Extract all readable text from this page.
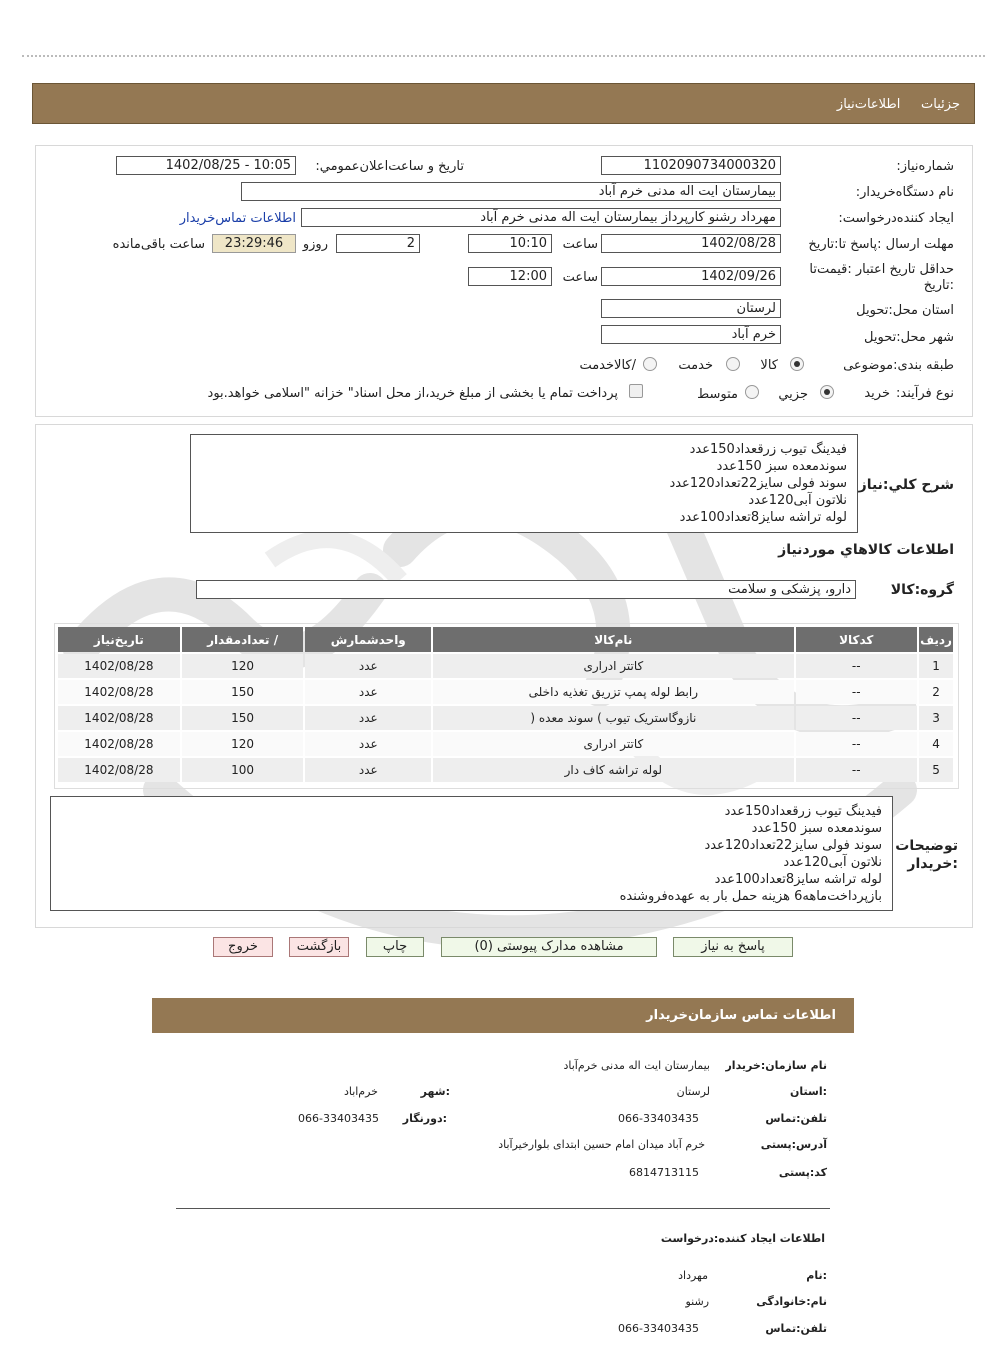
جزئیات     اطلاعات‌نیاز
شماره‌نیاز:
1102090734000320
تاریخ و ساعت‌اعلان‌عمومي:
1402/08/25 - 10:05
نام دستگاه‌خریدار:
بیمارستان ایت اله مدنی خرم آباد
ایجاد کننده‌درخواست:
مهرداد رشنو کارپرداز بیمارستان ایت اله مدنی خرم آباد
اطلاعات تماس‌خریدار
مهلت ارسال :پاسخ تا:تاریخ
1402/08/28
ساعت
10:10
2
روزو
23:29:46
ساعت باقی‌مانده
حداقل تاریخ اعتبار :قیمت‌تا
:تاریخ
1402/09/26
ساعت
12:00
استان محل:تحویل
لرستان
شهر محل:تحویل
خرم آباد
طبقه بندی:موضوعی
کالا
خدمت
/کالاخدمت
نوع فرآیند:
خرید
جزيي
متوسط
پرداخت تمام یا بخشی از مبلغ خرید،از محل اسناد" خزانه "اسلامی خواهد.بود
فیدینگ تیوب زرقعداد150عدد
سوندمعده سبز 150عدد
سوند فولی سایز22تعداد120عدد
نلاتون آبی120عدد
لوله تراشه سایز8تعداد100عدد
شرح کلي:نیاز
اطلاعات کالاهاي موردنیاز
گروه:کالا
دارو، پزشکی و سلامت
ردیف	کدکالا	نام‌کالا	واحدشمارش	/ تعدادمقدار	تاریخ‌نیاز
1	--	کاتتر ادراری	عدد	120	1402/08/28
2	--	رابط لوله پمپ تزریق تغذیه داخلی	عدد	150	1402/08/28
3	--	نازوگاستریک تیوب ) سوند معده (	عدد	150	1402/08/28
4	--	کاتتر ادراری	عدد	120	1402/08/28
5	--	لوله تراشه کاف دار	عدد	100	1402/08/28
فیدینگ تیوب زرقعداد150عدد
سوندمعده سبز 150عدد
سوند فولی سایز22تعداد120عدد
نلاتون آبی120عدد
لوله تراشه سایز8تعداد100عدد
بازپرداخت‌ماهه6 هزینه حمل بار به عهده‌فروشنده
توضیحات
:خریدار
پاسخ به نیاز
مشاهده مدارک پیوستی (0)
چاپ
بازگشت
خروج
اطلاعات تماس سازمان‌خریدار
نام سازمان:خریدار
بیمارستان ایت اله مدنی خرم‌آباد
:استان
لرستان
:شهر
خرم‌اباد
تلفن:تماس
066-33403435
:دورنگار
066-33403435
آدرس:پستی
خرم آباد میدان امام حسین ابتدای بلوارخیرآباد
کد:پستی
6814713115
اطلاعات ایجاد کننده:درخواست
:نام
مهرداد
نام:خانوادگی
رشنو
تلفن:تماس
066-33403435
